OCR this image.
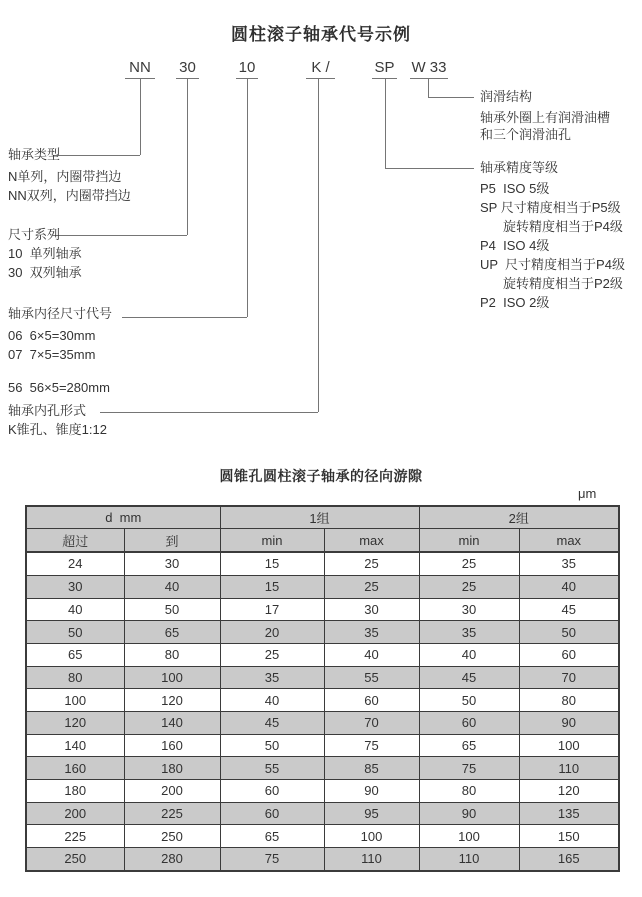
圆柱滚子轴承代号示例
NN 30	10	K /	SP W 33
轴承类型
N单列，内圈带挡边
NN双列，内圈带挡边
尺寸系列
10  单列轴承
30  双列轴承
轴承内径尺寸代号
06  6×5=30mm
07  7×5=35mm
56  56×5=280mm
轴承内孔形式
K锥孔、锥度1:12
润滑结构
轴承外圈上有润滑油槽
和三个润滑油孔
轴承精度等级
P5  ISO 5级
SP 尺寸精度相当于P5级
旋转精度相当于P4级
P4  ISO 4级
UP  尺寸精度相当于P4级
旋转精度相当于P2级
P2  ISO 2级
圆锥孔圆柱滚子轴承的径向游隙
μm
d  mm		1组		2组	
超过	到	min	max	min	max
24	30	15	25	25	35
30	40	15	25	25	40
40	50	17	30	30	45
50	65	20	35	35	50
65	80	25	40	40	60
80	100	35	55	45	70
100	120	40	60	50	80
120	140	45	70	60	90
140	160	50	75	65	100
160	180	55	85	75	110
180	200	60	90	80	120
200	225	60	95	90	135
225	250	65	100	100	150
250	280	75	110	110	165
